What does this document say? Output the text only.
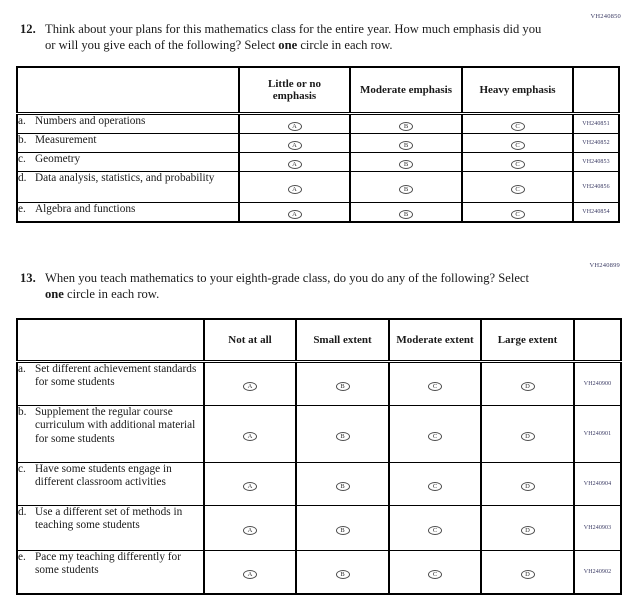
VH240850
12. Think about your plans for this mathematics class for the entire year. How much emphasis did you or will you give each of the following? Select one circle in each row.
	Little or no emphasis	Moderate emphasis	Heavy emphasis	

a. Numbers and operations	A	B	C	VH240851

b. Measurement	A	B	C	VH240852

c. Geometry	A	B	C	VH240853

d. Data analysis, statistics, and probability	A	B	C	VH240856

e. Algebra and functions	A	B	C	VH240854
VH240899
13. When you teach mathematics to your eighth-grade class, do you do any of the following? Select one circle in each row.
	Not at all	Small extent	Moderate extent	Large extent	

a. Set different achievement standards for some students	A	B	C	D	VH240900

b. Supplement the regular course curriculum with additional material for some students	A	B	C	D	VH240901

c. Have some students engage in different classroom activities	A	B	C	D	VH240904

d. Use a different set of methods in teaching some students	A	B	C	D	VH240903

e. Pace my teaching differently for some students	A	B	C	D	VH240902
